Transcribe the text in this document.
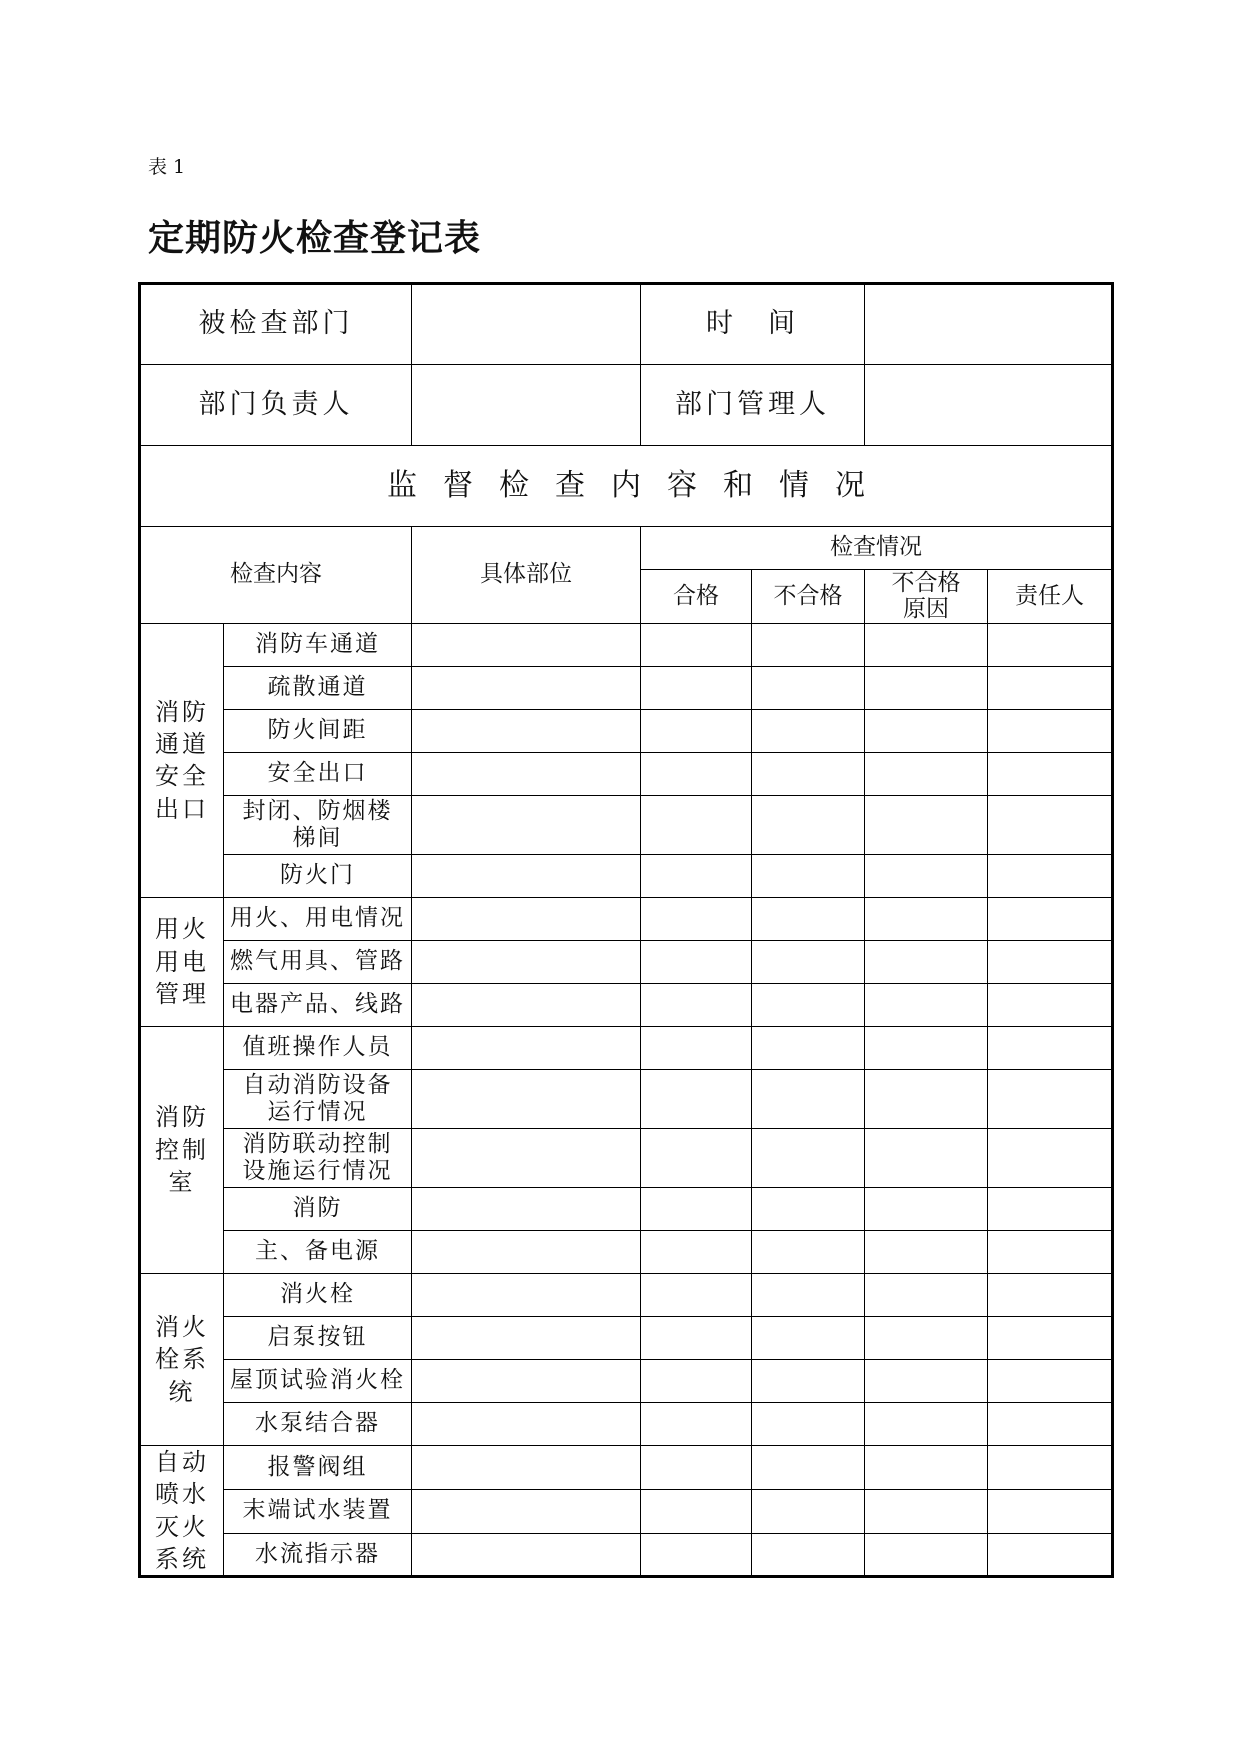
表 1
定期防火检查登记表
被检查部门			时　间			
部门负责人			部门管理人			
监督检查内容和情况						
检查内容		具体部位	检查情况			
			合格	不合格	不合格原因	责任人
消防通道安全出口	消防车通道					
	疏散通道					
	防火间距					
	安全出口					
	封闭、防烟楼梯间					
	防火门					
用火用电管理	用火、用电情况					
	燃气用具、管路					
	电器产品、线路					
消防控制室	值班操作人员					
	自动消防设备运行情况					
	消防联动控制设施运行情况					
	消防					
	主、备电源					
消火栓系统	消火栓					
	启泵按钮					
	屋顶试验消火栓					
	水泵结合器					
自动喷水灭火系统	报警阀组					
	末端试水装置					
	水流指示器					
